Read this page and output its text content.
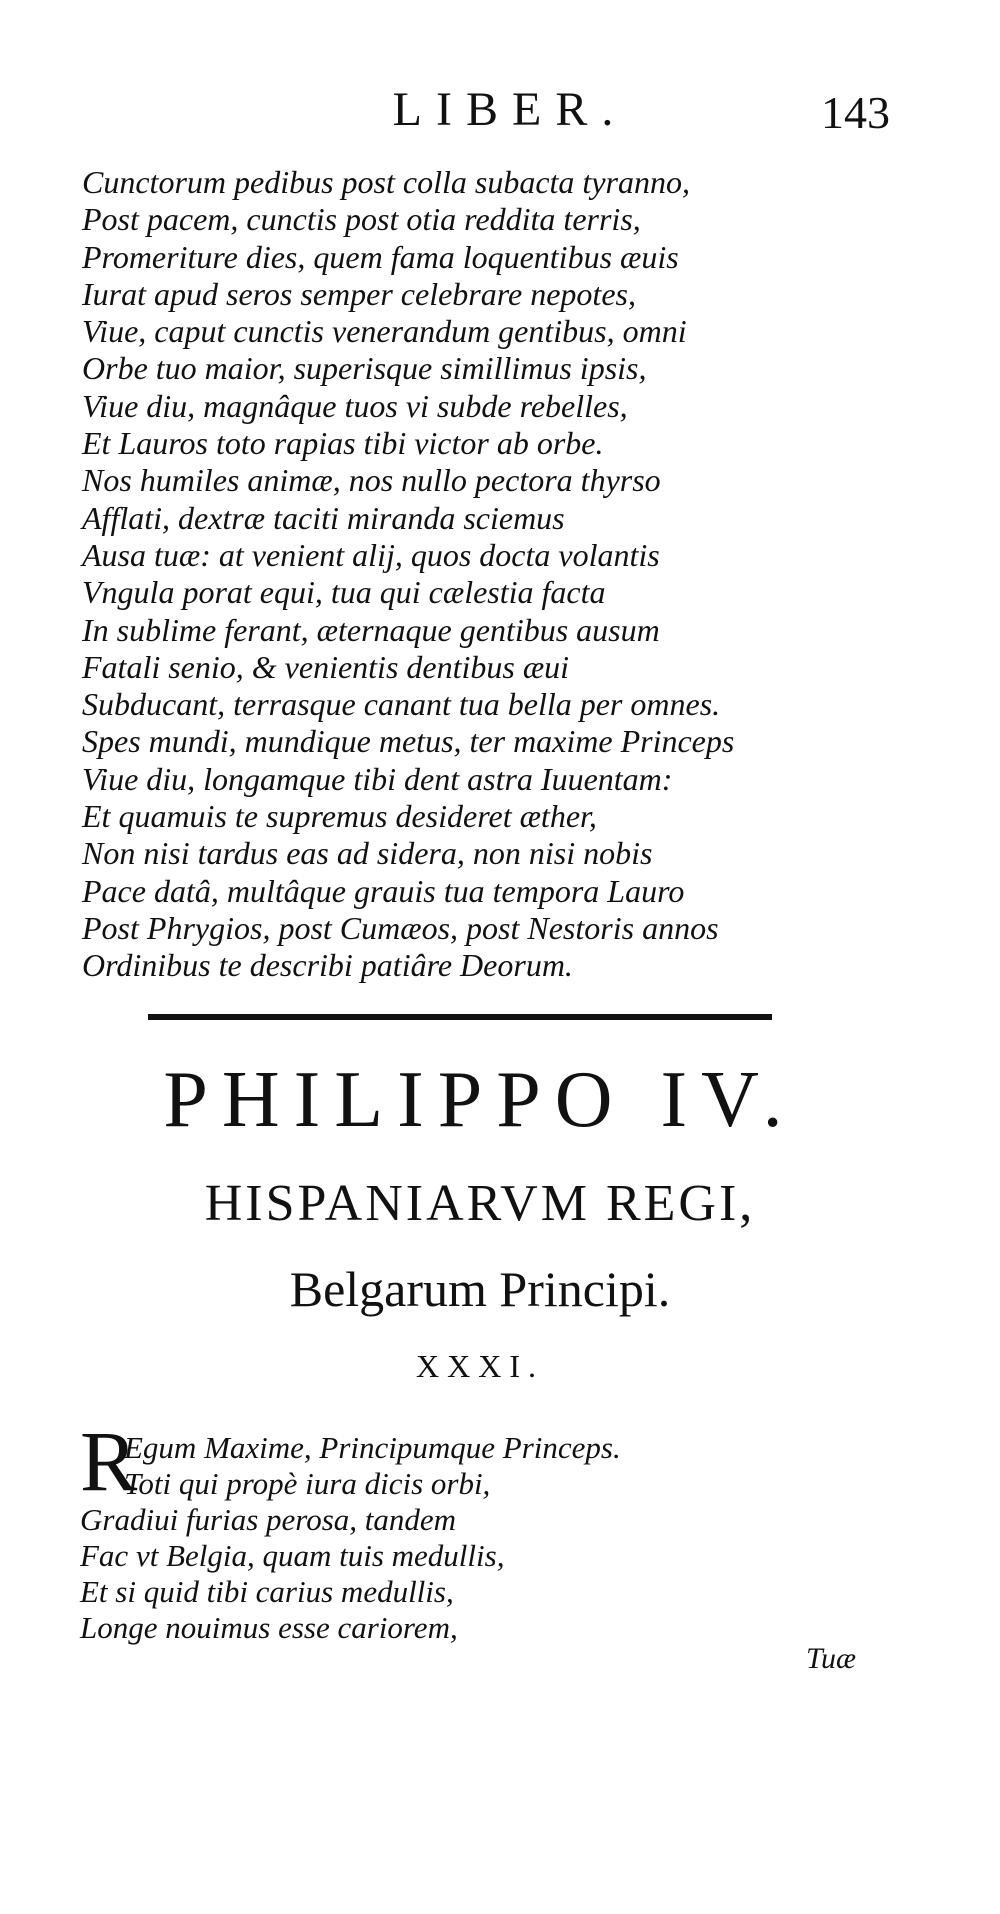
LIBER.	143
Cunctorum pedibus post colla subacta tyranno,
Post pacem, cunctis post otia reddita terris,
Promeriture dies, quem fama loquentibus æuis
Iurat apud seros semper celebrare nepotes,
Viue, caput cunctis venerandum gentibus, omni
Orbe tuo maior, superisque simillimus ipsis,
Viue diu, magnâque tuos vi subde rebelles,
Et Lauros toto rapias tibi victor ab orbe.
Nos humiles animæ, nos nullo pectora thyrso
Afflati, dextræ taciti miranda sciemus
Ausa tuæ: at venient alij, quos docta volantis
Vngula porat equi, tua qui cælestia facta
In sublime ferant, æternaque gentibus ausum
Fatali senio, & venientis dentibus æui
Subducant, terrasque canant tua bella per omnes.
Spes mundi, mundique metus, ter maxime Princeps
Viue diu, longamque tibi dent astra Iuuentam:
Et quamuis te supremus desideret æther,
Non nisi tardus eas ad sidera, non nisi nobis
Pace datâ, multâque grauis tua tempora Lauro
Post Phrygios, post Cumæos, post Nestoris annos
Ordinibus te describi patiâre Deorum.
PHILIPPO IV.
HISPANIARVM REGI,
Belgarum Principi.
XXXI.
R
Egum Maxime, Principumque Princeps.
Toti qui propè iura dicis orbi,
Gradiui furias perosa, tandem
Fac vt Belgia, quam tuis medullis,
Et si quid tibi carius medullis,
Longe nouimus esse cariorem,
Tuæ
